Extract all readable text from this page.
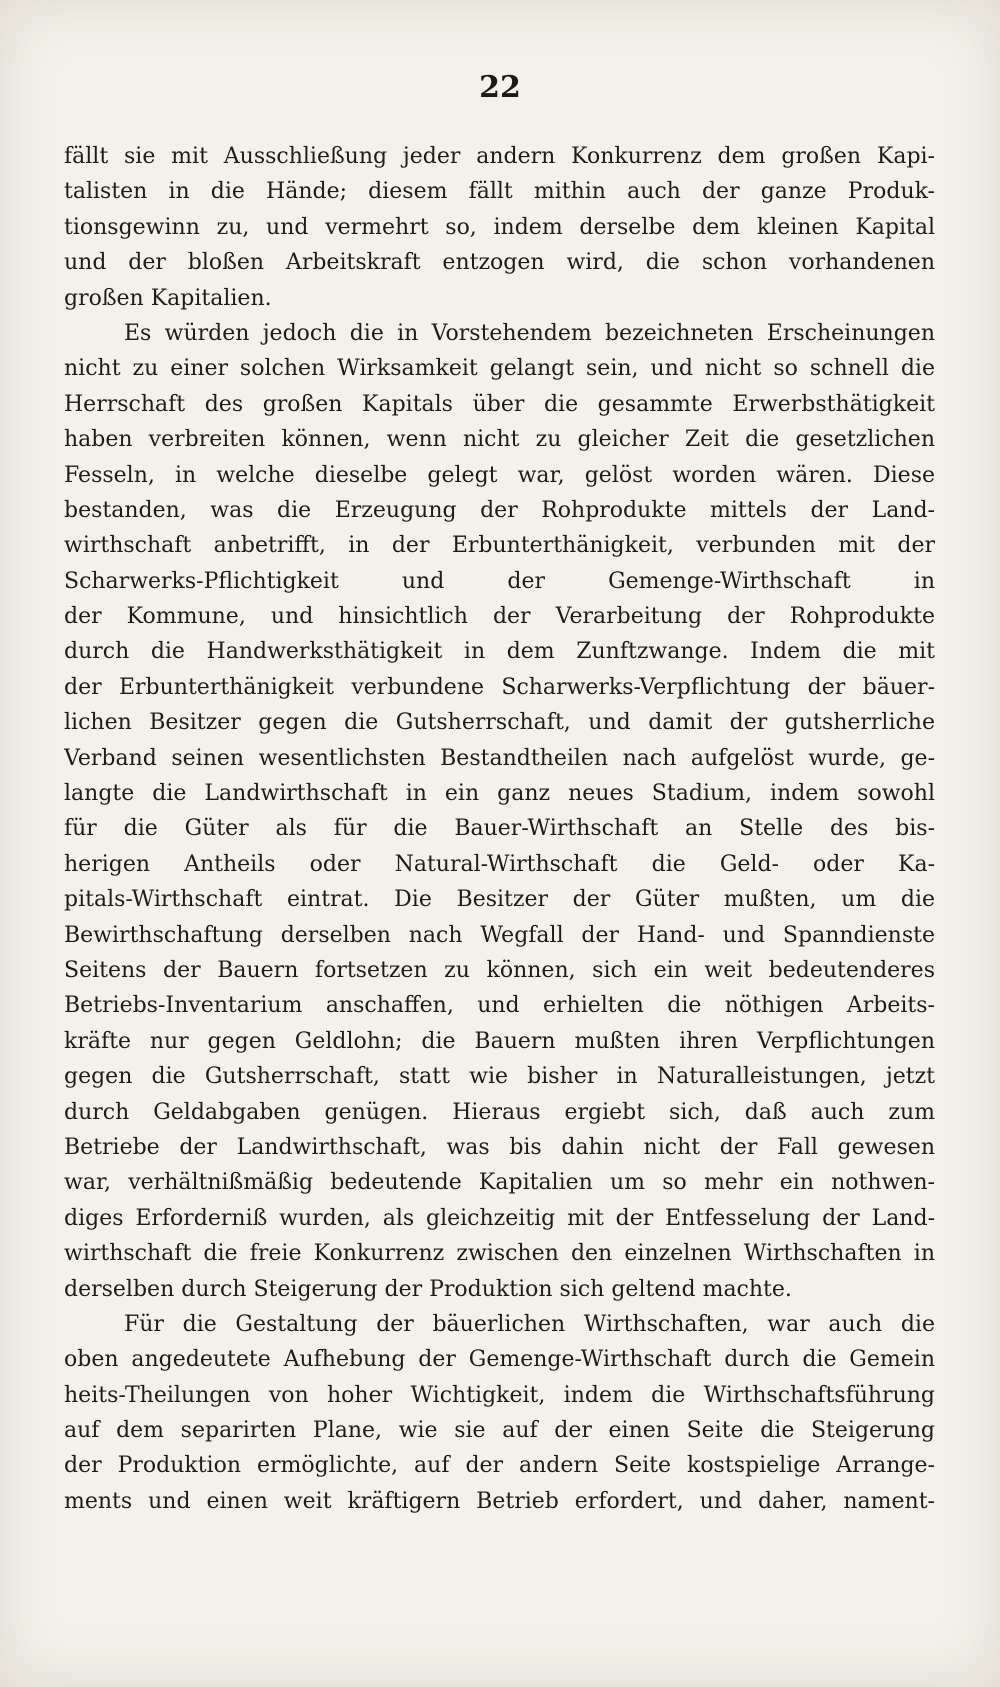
22
fällt sie mit Ausschließung jeder andern Konkurrenz dem großen Kapi-
talisten in die Hände; diesem fällt mithin auch der ganze Produk-
tionsgewinn zu, und vermehrt so, indem derselbe dem kleinen Kapital
und der bloßen Arbeitskraft entzogen wird, die schon vorhandenen
großen Kapitalien.
Es würden jedoch die in Vorstehendem bezeichneten Erscheinungen
nicht zu einer solchen Wirksamkeit gelangt sein, und nicht so schnell die
Herrschaft des großen Kapitals über die gesammte Erwerbsthätigkeit
haben verbreiten können, wenn nicht zu gleicher Zeit die gesetzlichen
Fesseln, in welche dieselbe gelegt war, gelöst worden wären. Diese
bestanden, was die Erzeugung der Rohprodukte mittels der Land-
wirthschaft anbetrifft, in der Erbunterthänigkeit, verbunden mit der
Scharwerks-Pflichtigkeit und der Gemenge-Wirthschaft in
der Kommune, und hinsichtlich der Verarbeitung der Rohprodukte
durch die Handwerksthätigkeit in dem Zunftzwange. Indem die mit
der Erbunterthänigkeit verbundene Scharwerks-Verpflichtung der bäuer-
lichen Besitzer gegen die Gutsherrschaft, und damit der gutsherrliche
Verband seinen wesentlichsten Bestandtheilen nach aufgelöst wurde, ge-
langte die Landwirthschaft in ein ganz neues Stadium, indem sowohl
für die Güter als für die Bauer-Wirthschaft an Stelle des bis-
herigen Antheils oder Natural-Wirthschaft die Geld- oder Ka-
pitals-Wirthschaft eintrat. Die Besitzer der Güter mußten, um die
Bewirthschaftung derselben nach Wegfall der Hand- und Spanndienste
Seitens der Bauern fortsetzen zu können, sich ein weit bedeutenderes
Betriebs-Inventarium anschaffen, und erhielten die nöthigen Arbeits-
kräfte nur gegen Geldlohn; die Bauern mußten ihren Verpflichtungen
gegen die Gutsherrschaft, statt wie bisher in Naturalleistungen, jetzt
durch Geldabgaben genügen. Hieraus ergiebt sich, daß auch zum
Betriebe der Landwirthschaft, was bis dahin nicht der Fall gewesen
war, verhältnißmäßig bedeutende Kapitalien um so mehr ein nothwen-
diges Erforderniß wurden, als gleichzeitig mit der Entfesselung der Land-
wirthschaft die freie Konkurrenz zwischen den einzelnen Wirthschaften in
derselben durch Steigerung der Produktion sich geltend machte.
Für die Gestaltung der bäuerlichen Wirthschaften, war auch die
oben angedeutete Aufhebung der Gemenge-Wirthschaft durch die Gemein
heits-Theilungen von hoher Wichtigkeit, indem die Wirthschaftsführung
auf dem separirten Plane, wie sie auf der einen Seite die Steigerung
der Produktion ermöglichte, auf der andern Seite kostspielige Arrange-
ments und einen weit kräftigern Betrieb erfordert, und daher, nament-
